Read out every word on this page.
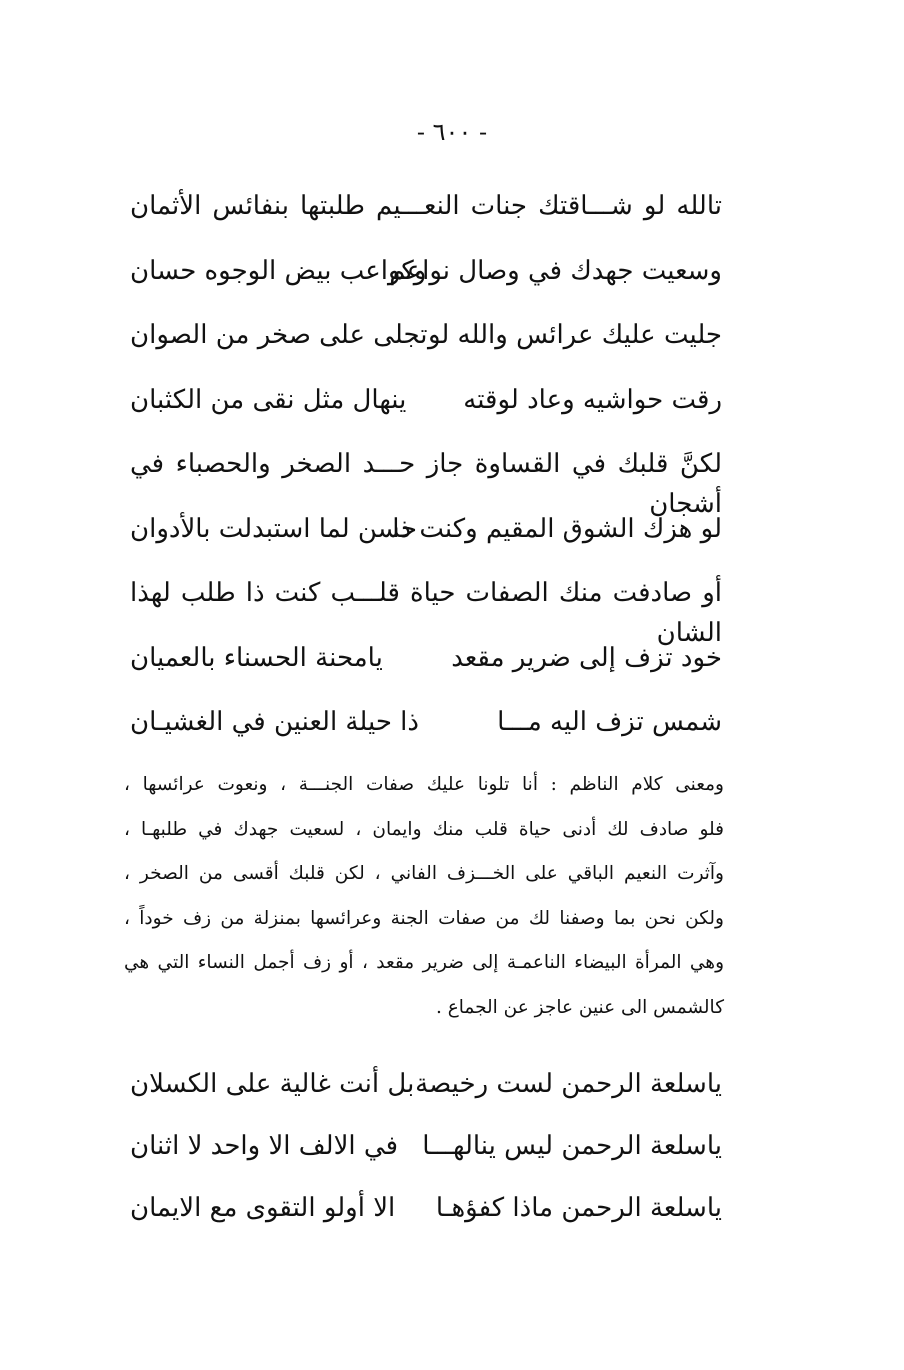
- ٦٠٠ -
تالله لو شـــاقتك جنات النعـــيم طلبتها بنفائس الأثمان
وسعيت جهدك في وصال نواعم
وكواعب بيض الوجوه حسان
جليت عليك عرائس والله لو
تجلى على صخر من الصوان
رقت حواشيه وعاد لوقته
ينهال مثل نقى من الكثبان
لكنَّ قلبك في القساوة جاز حـــد الصخر والحصباء في أشجان
لو هزك الشوق المقيم وكنت ذا
حسن لما استبدلت بالأدوان
أو صادفت منك الصفات حياة قلـــب كنت ذا طلب لهذا الشان
خود تزف إلى ضرير مقعد
يامحنة الحسناء بالعميان
شمس تزف اليه مـــا
ذا حيلة العنين في الغشيـان
ومعنى كلام الناظم : أنا تلونا عليك صفات الجنـــة ، ونعوت عرائسها ،
فلو صادف لك أدنى حياة قلب منك وايمان ، لسعيت جهدك في طلبهـا ،
وآثرت النعيم الباقي على الخـــزف الفاني ، لكن قلبك أقسى من الصخر ،
ولكن نحن بما وصفنا لك من صفات الجنة وعرائسها بمنزلة من زف خوداً ،
وهي المرأة البيضاء الناعمـة إلى ضرير مقعد ، أو زف أجمل النساء التي هي
كالشمس الى عنين عاجز عن الجماع .
ياسلعة الرحمن لست رخيصة
بل أنت غالية على الكسلان
ياسلعة الرحمن ليس ينالهـــا
في الالف الا واحد لا اثنان
ياسلعة الرحمن ماذا كفؤهـا
الا أولو التقوى مع الايمان
